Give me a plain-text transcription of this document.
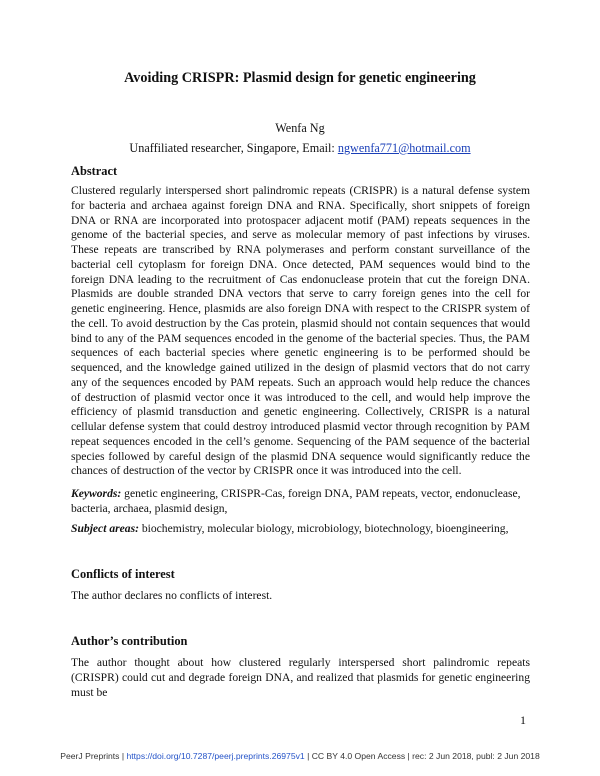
Avoiding CRISPR: Plasmid design for genetic engineering
Wenfa Ng
Unaffiliated researcher, Singapore, Email: ngwenfa771@hotmail.com
Abstract

Clustered regularly interspersed short palindromic repeats (CRISPR) is a natural defense system for bacteria and archaea against foreign DNA and RNA. Specifically, short snippets of foreign DNA or RNA are incorporated into protospacer adjacent motif (PAM) repeats sequences in the genome of the bacterial species, and serve as molecular memory of past infections by viruses. These repeats are transcribed by RNA polymerases and perform constant surveillance of the bacterial cell cytoplasm for foreign DNA. Once detected, PAM sequences would bind to the foreign DNA leading to the recruitment of Cas endonuclease protein that cut the foreign DNA. Plasmids are double stranded DNA vectors that serve to carry foreign genes into the cell for genetic engineering. Hence, plasmids are also foreign DNA with respect to the CRISPR system of the cell. To avoid destruction by the Cas protein, plasmid should not contain sequences that would bind to any of the PAM sequences encoded in the genome of the bacterial species. Thus, the PAM sequences of each bacterial species where genetic engineering is to be performed should be sequenced, and the knowledge gained utilized in the design of plasmid vectors that do not carry any of the sequences encoded by PAM repeats. Such an approach would help reduce the chances of destruction of plasmid vector once it was introduced to the cell, and would help improve the efficiency of plasmid transduction and genetic engineering. Collectively, CRISPR is a natural cellular defense system that could destroy introduced plasmid vector through recognition by PAM repeat sequences encoded in the cell’s genome. Sequencing of the PAM sequence of the bacterial species followed by careful design of the plasmid DNA sequence would significantly reduce the chances of destruction of the vector by CRISPR once it was introduced into the cell.

Keywords: genetic engineering, CRISPR-Cas, foreign DNA, PAM repeats, vector, endonuclease, bacteria, archaea, plasmid design,

Subject areas: biochemistry, molecular biology, microbiology, biotechnology, bioengineering,

Conflicts of interest

The author declares no conflicts of interest.

Author’s contribution

The author thought about how clustered regularly interspersed short palindromic repeats (CRISPR) could cut and degrade foreign DNA, and realized that plasmids for genetic engineering must be

1
PeerJ Preprints | https://doi.org/10.7287/peerj.preprints.26975v1 | CC BY 4.0 Open Access | rec: 2 Jun 2018, publ: 2 Jun 2018
